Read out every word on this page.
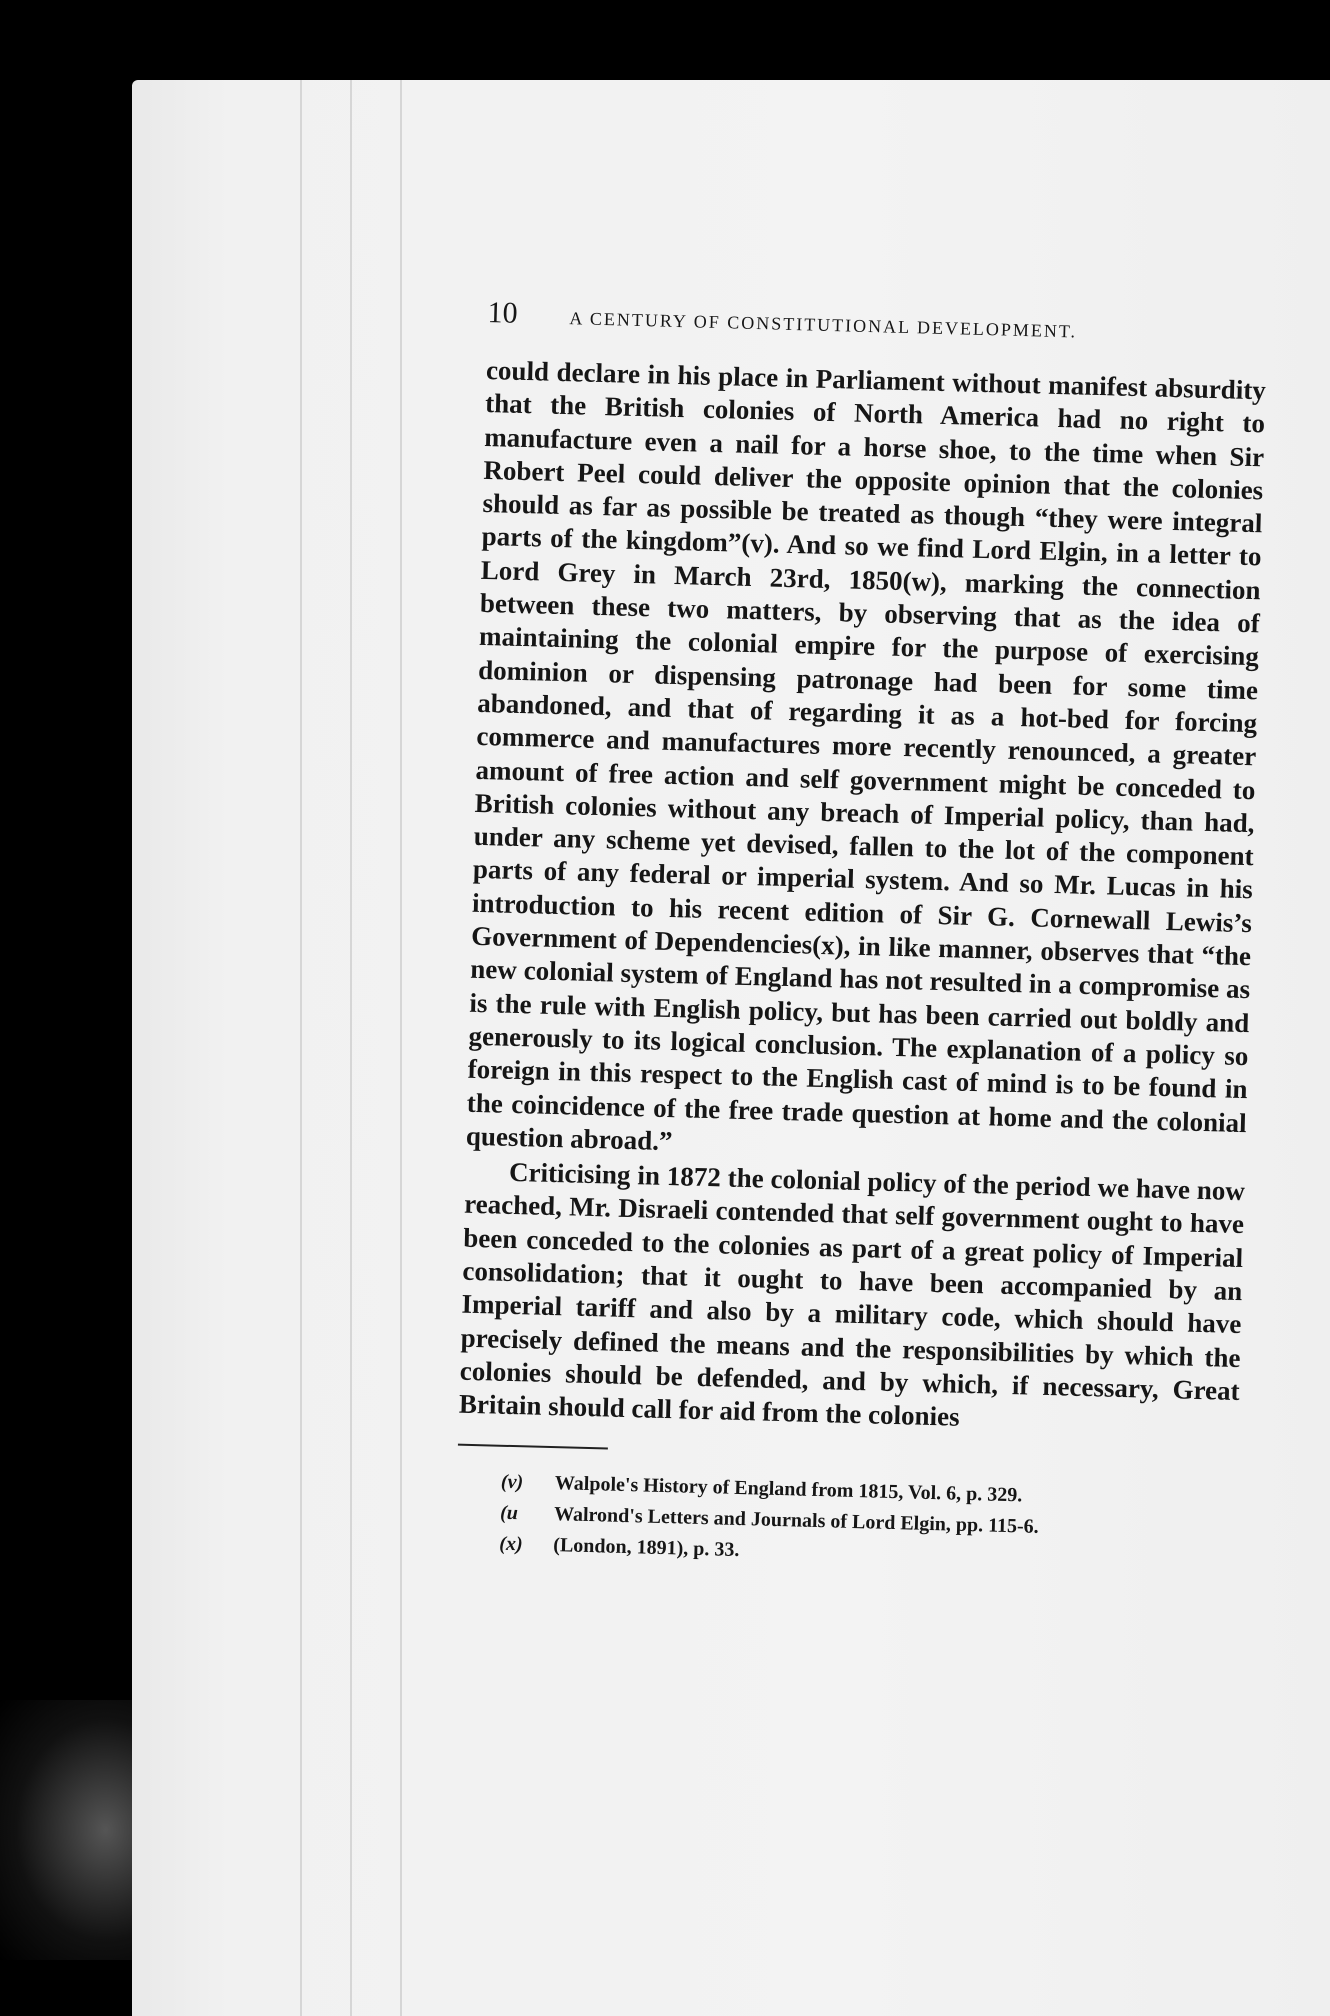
10	A CENTURY OF CONSTITUTIONAL DEVELOPMENT.

could declare in his place in Parliament without manifest absurdity that the British colonies of North America had no right to manufacture even a nail for a horse shoe, to the time when Sir Robert Peel could deliver the opposite opinion that the colonies should as far as possible be treated as though “they were integral parts of the kingdom”(v). And so we find Lord Elgin, in a letter to Lord Grey in March 23rd, 1850(w), marking the connection between these two matters, by observing that as the idea of maintaining the colonial empire for the purpose of exercising dominion or dispensing patronage had been for some time abandoned, and that of regarding it as a hot-bed for forcing commerce and manufactures more recently renounced, a greater amount of free action and self government might be conceded to British colonies without any breach of Imperial policy, than had, under any scheme yet devised, fallen to the lot of the component parts of any federal or imperial system. And so Mr. Lucas in his introduction to his recent edition of Sir G. Cornewall Lewis’s Government of Dependencies(x), in like manner, observes that “the new colonial system of England has not resulted in a compromise as is the rule with English policy, but has been carried out boldly and generously to its logical conclusion. The explanation of a policy so foreign in this respect to the English cast of mind is to be found in the coincidence of the free trade question at home and the colonial question abroad.”

Criticising in 1872 the colonial policy of the period we have now reached, Mr. Disraeli contended that self government ought to have been conceded to the colonies as part of a great policy of Imperial consolidation; that it ought to have been accompanied by an Imperial tariff and also by a military code, which should have precisely defined the means and the responsibilities by which the colonies should be defended, and by which, if necessary, Great Britain should call for aid from the colonies

(v)	Walpole's History of England from 1815, Vol. 6, p. 329.
(u	Walrond's Letters and Journals of Lord Elgin, pp. 115-6.
(x)	(London, 1891), p. 33.
